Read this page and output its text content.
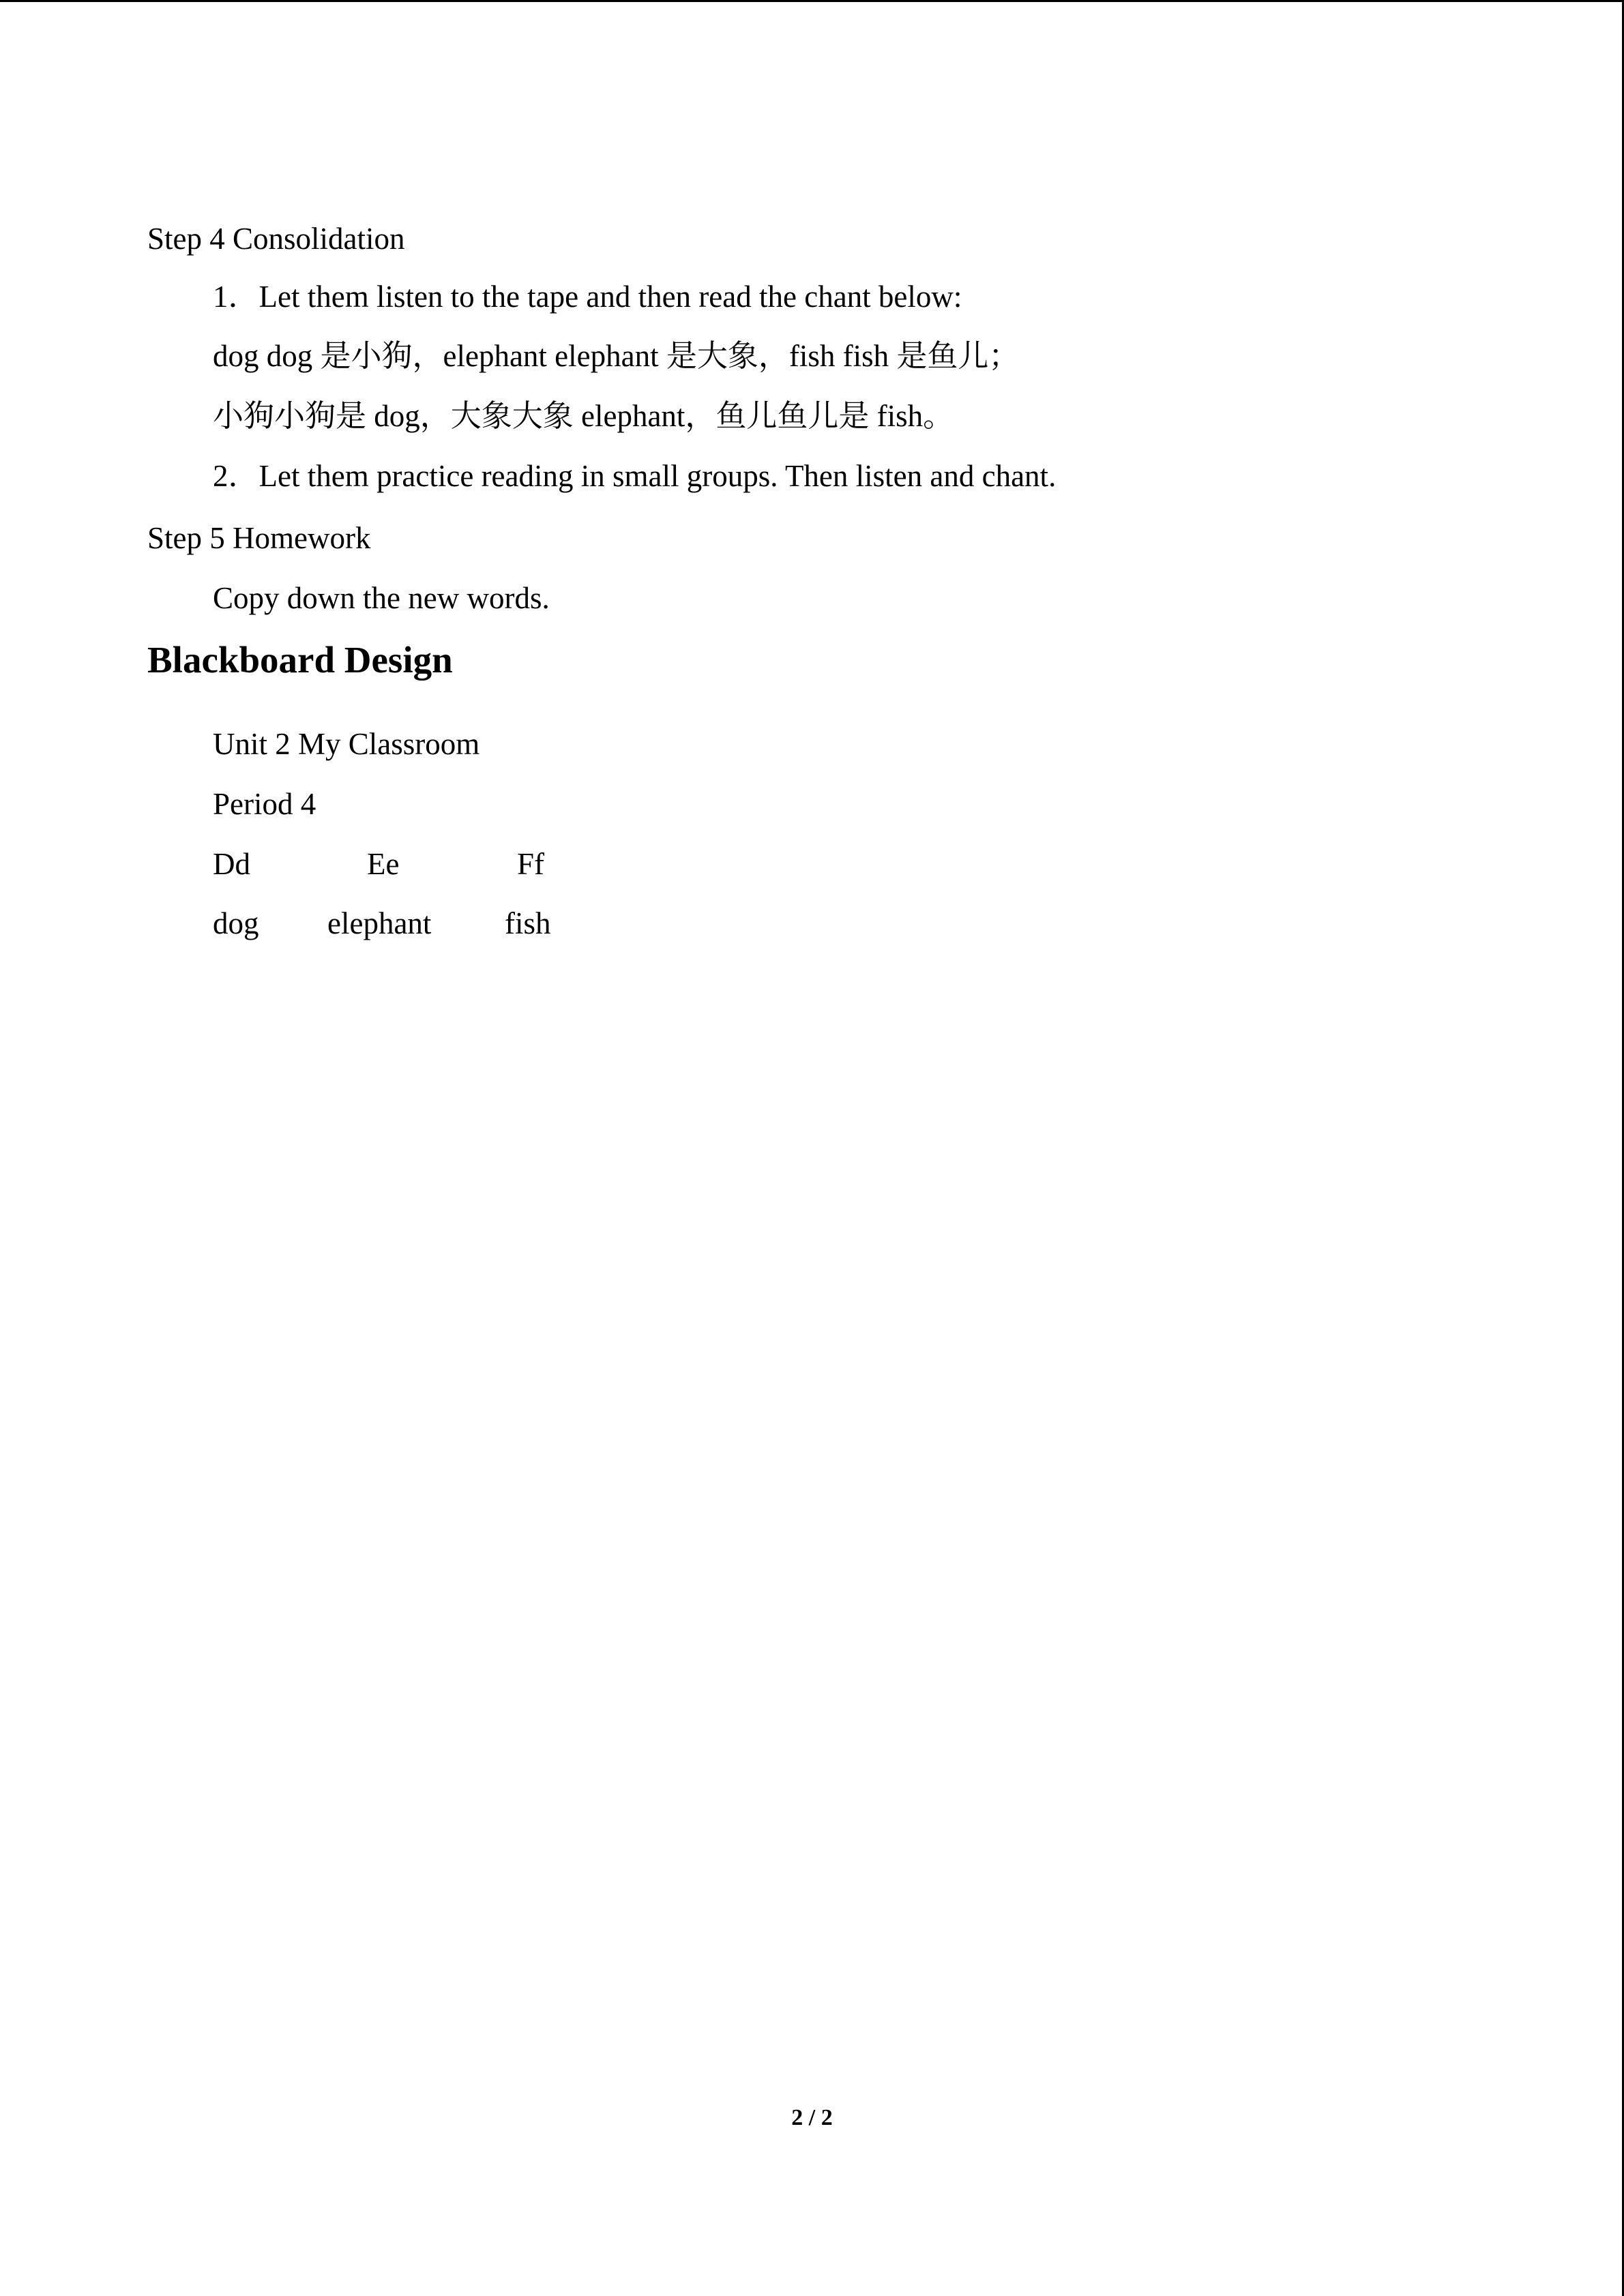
Step 4 Consolidation
1．Let them listen to the tape and then read the chant below:
dog dog 是小狗，elephant elephant 是大象，fish fish 是鱼儿；
小狗小狗是 dog，大象大象 elephant，鱼儿鱼儿是 fish。
2．Let them practice reading in small groups. Then listen and chant.
Step 5 Homework
Copy down the new words.
Blackboard Design
Unit 2 My Classroom
Period 4
Dd	Ee	Ff
dog elephant fish
2 / 2
